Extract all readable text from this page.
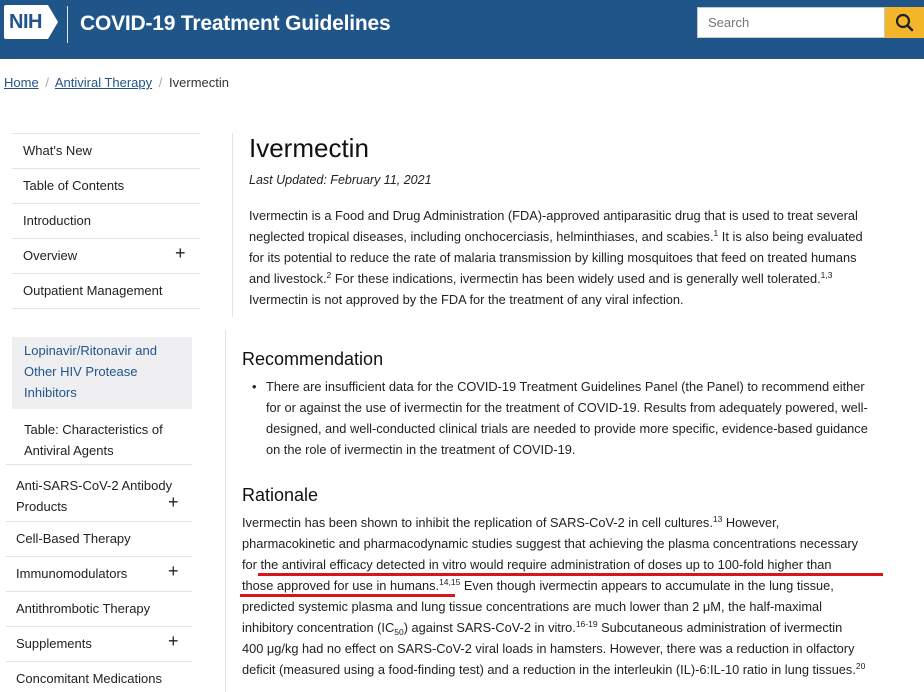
NIH COVID-19 Treatment Guidelines
Search
Home / Antiviral Therapy / Ivermectin
What's New
Table of Contents
Introduction
Overview	+
Outpatient Management
Lopinavir/Ritonavir and Other HIV Protease Inhibitors
Table: Characteristics of Antiviral Agents
Anti-SARS-CoV-2 Antibody Products	+
Cell-Based Therapy
Immunomodulators +
Antithrombotic Therapy
Supplements	+
Concomitant Medications
Ivermectin
Last Updated: February 11, 2021
Ivermectin is a Food and Drug Administration (FDA)-approved antiparasitic drug that is used to treat several
neglected tropical diseases, including onchocerciasis, helminthiases, and scabies.$^1$ It is also being evaluated
for its potential to reduce the rate of malaria transmission by killing mosquitoes that feed on treated humans
and livestock.$^2$ For these indications, ivermectin has been widely used and is generally well tolerated.$^{1,3}$
Ivermectin is not approved by the FDA for the treatment of any viral infection.
Recommendation
• There are insufficient data for the COVID-19 Treatment Guidelines Panel (the Panel) to recommend either
for or against the use of ivermectin for the treatment of COVID-19. Results from adequately powered, well-
designed, and well-conducted clinical trials are needed to provide more specific, evidence-based guidance
on the role of ivermectin in the treatment of COVID-19.
Rationale
Ivermectin has been shown to inhibit the replication of SARS-CoV-2 in cell cultures.$^{13}$ However,
pharmacokinetic and pharmacodynamic studies suggest that achieving the plasma concentrations necessary
for the antiviral efficacy detected in vitro would require administration of doses up to 100-fold higher than
those approved for use in humans.$^{14,15}$ Even though ivermectin appears to accumulate in the lung tissue,
predicted systemic plasma and lung tissue concentrations are much lower than 2 μM, the half-maximal
inhibitory concentration $(IC_{50})$ against SARS-CoV-2 in vitro.$^{16-19}$ Subcutaneous administration of ivermectin
400 μg/kg had no effect on SARS-CoV-2 viral loads in hamsters. However, there was a reduction in olfactory
deficit (measured using a food-finding test) and a reduction in the interleukin (IL)-6:IL-10 ratio in lung tissues.$^{20}$
